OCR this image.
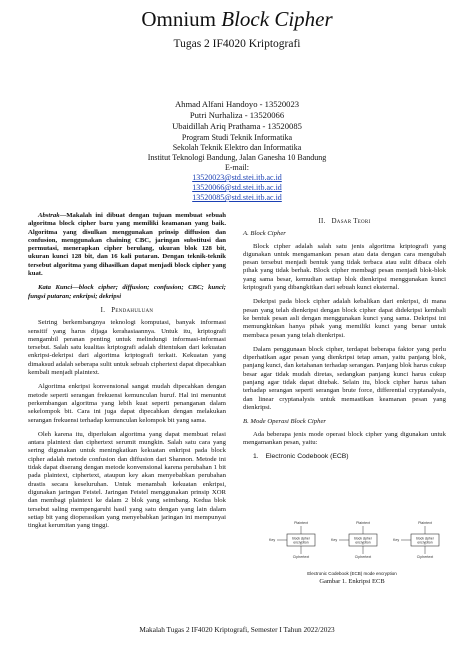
Omnium Block Cipher
Tugas 2 IF4020 Kriptografi
Ahmad Alfani Handoyo - 13520023
Putri Nurhaliza - 13520066
Ubaidillah Ariq Prathama - 13520085
Program Studi Teknik Informatika
Sekolah Teknik Elektro dan Informatika
Institut Teknologi Bandung, Jalan Ganesha 10 Bandung
E-mail:
13520023@std.stei.itb.ac.id
13520066@std.stei.itb.ac.id
13520085@std.stei.itb.ac.id

Abstrak—Makalah ini dibuat dengan tujuan membuat sebuah algoritma block cipher baru yang memiliki keamanan yang baik. Algoritma yang disulkan menggunakan prinsip diffusion dan confusion, menggunakan chaining CBC, jaringan substitusi dan permutasi, menerapkan cipher berulang, ukuran blok 128 bit, ukuran kunci 128 bit, dan 16 kali putaran. Dengan teknik-teknik tersebut algoritma yang dihasilkan dapat menjadi block cipher yang kuat.

Kata Kunci—block cipher; diffusion; confusion; CBC; kunci; fungsi putaran; enkripsi; dekripsi

I. Pendahuluan

Seiring berkembangnya teknologi komputasi, banyak informasi sensitif yang harus dijaga kerahasiaannya. Untuk itu, kriptografi mengambil peranan penting untuk melindungi informasi-informasi tersebut. Salah satu kualitas kriptografi adalah ditentukan dari kekuatan enkripsi-dekripsi dari algoritma kriptografi terkait. Kekuatan yang dimaksud adalah seberapa sulit untuk sebuah ciphertext dapat dipecahkan kembali menjadi plaintext.

Algoritma enkripsi konvensional sangat mudah dipecahkan dengan metode seperti serangan frekuensi kemunculan huruf. Hal ini menuntut perkembangan algoritma yang lebih kuat seperti penanganan dalam sekelompok bit. Cara ini juga dapat dipecahkan dengan melakukan serangan frekuensi terhadap kemunculan kelompok bit yang sama.

Oleh karena itu, diperlukan algoritma yang dapat membuat relasi antara plaintext dan ciphertext serumit mungkin. Salah satu cara yang sering digunakan untuk meningkatkan kekuatan enkripsi pada block cipher adalah metode confusion dan diffusion dari Shannon. Metode ini tidak dapat diserang dengan metode konvensional karena perubahan 1 bit pada plaintext, ciphertext, ataupun key akan menyebabkan perubahan drastis secara keseluruhan. Untuk menambah kekuatan enkripsi, digunakan jaringan Feistel. Jaringan Feistel menggunakan prinsip XOR dan membagi plaintext ke dalam 2 blok yang seimbang. Kedua blok tersebut saling mempengaruhi hasil yang satu dengan yang lain dalam setiap bit yang dioperasikan yang menyebabkan jaringan ini mempunyai tingkat kerumitan yang tinggi.

II. Dasar Teori
A. Block Cipher

Block cipher adalah salah satu jenis algoritma kriptografi yang digunakan untuk mengamankan pesan atau data dengan cara mengubah pesan tersebut menjadi bentuk yang tidak terbaca atau sulit dibaca oleh pihak yang tidak berhak. Block cipher membagi pesan menjadi blok-blok yang sama besar, kemudian setiap blok dienkripsi menggunakan kunci kriptografi yang dibangkitkan dari sebuah kunci eksternal.

Dekripsi pada block cipher adalah kebalikan dari enkripsi, di mana pesan yang telah dienkripsi dengan block cipher dapat didekripsi kembali ke bentuk pesan asli dengan menggunakan kunci yang sama. Dekripsi ini memungkinkan hanya pihak yang memiliki kunci yang benar untuk membaca pesan yang telah dienkripsi.

Dalam penggunaan block cipher, terdapat beberapa faktor yang perlu diperhatikan agar pesan yang dienkripsi tetap aman, yaitu panjang blok, panjang kunci, dan ketahanan terhadap serangan. Panjang blok harus cukup besar agar tidak mudah diretas, sedangkan panjang kunci harus cukup panjang agar tidak dapat ditebak. Selain itu, block cipher harus tahan terhadap serangan seperti serangan brute force, differential cryptanalysis, dan linear cryptanalysis untuk memastikan keamanan pesan yang dienkripsi.

B. Mode Operasi Block Cipher

Ada beberapa jenis mode operasi block cipher yang digunakan untuk mengamankan pesan, yaitu:

1. Electronic Codebook (ECB)
Plaintext
Key	block cipher
encryption
Ciphertext
Plaintext
Key	block cipher
encryption
Ciphertext
Plaintext
Key	block cipher
encryption
Ciphertext
Electronic Codebook (ECB) mode encryption
Gambar 1. Enkripsi ECB
Makalah Tugas 2 IF4020 Kriptografi, Semester I Tahun 2022/2023
